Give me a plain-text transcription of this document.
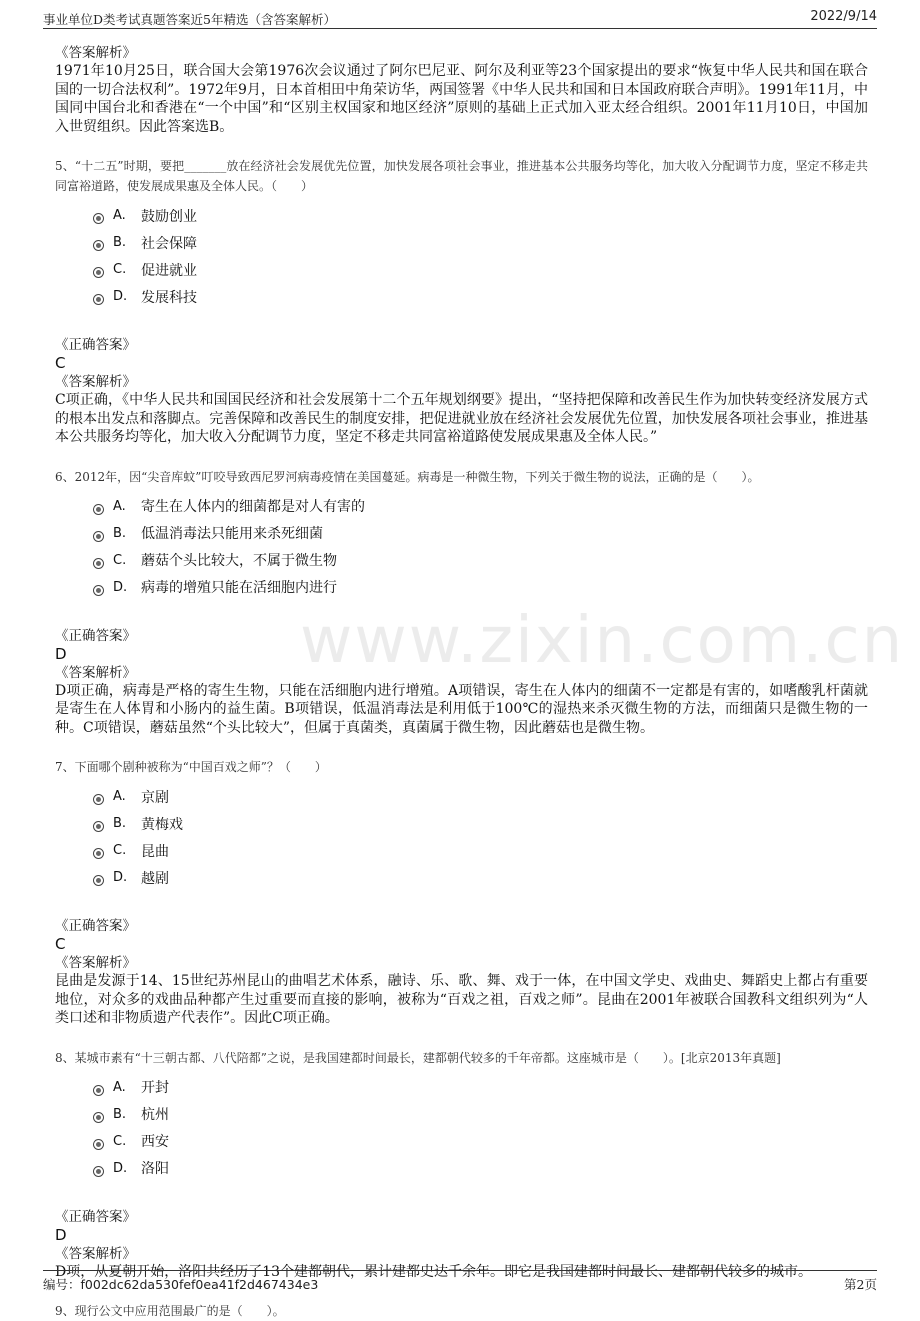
事业单位D类考试真题答案近5年精选（含答案解析）	2022/9/14
www.zixin.com.cn

《答案解析》

1971年10月25日，联合国大会第1976次会议通过了阿尔巴尼亚、阿尔及利亚等23个国家提出的要求“恢复中华人民共和国在联合国的一切合法权利”。1972年9月，日本首相田中角荣访华，两国签署《中华人民共和国和日本国政府联合声明》。1991年11月，中国同中国台北和香港在“一个中国”和“区别主权国家和地区经济”原则的基础上正式加入亚太经合组织。2001年11月10日，中国加入世贸组织。因此答案选B。

5、“十二五”时期，要把_______放在经济社会发展优先位置，加快发展各项社会事业，推进基本公共服务均等化，加大收入分配调节力度，坚定不移走共同富裕道路，使发展成果惠及全体人民。（　　）

A.	鼓励创业
B.	社会保障
C.	促进就业
D. 发展科技

《正确答案》

C

《答案解析》

C项正确，《中华人民共和国国民经济和社会发展第十二个五年规划纲要》提出，“坚持把保障和改善民生作为加快转变经济发展方式的根本出发点和落脚点。完善保障和改善民生的制度安排，把促进就业放在经济社会发展优先位置，加快发展各项社会事业，推进基本公共服务均等化，加大收入分配调节力度，坚定不移走共同富裕道路使发展成果惠及全体人民。”

6、2012年，因“尖音库蚊”叮咬导致西尼罗河病毒疫情在美国蔓延。病毒是一种微生物，下列关于微生物的说法，正确的是（　　）。

A.	寄生在人体内的细菌都是对人有害的
B.	低温消毒法只能用来杀死细菌
C.	蘑菇个头比较大，不属于微生物
D. 病毒的增殖只能在活细胞内进行

《正确答案》

D

《答案解析》

D项正确，病毒是严格的寄生生物，只能在活细胞内进行增殖。A项错误，寄生在人体内的细菌不一定都是有害的，如嗜酸乳杆菌就是寄生在人体胃和小肠内的益生菌。B项错误，低温消毒法是利用低于100℃的湿热来杀灭微生物的方法，而细菌只是微生物的一种。C项错误，蘑菇虽然“个头比较大”，但属于真菌类，真菌属于微生物，因此蘑菇也是微生物。

7、下面哪个剧种被称为“中国百戏之师”？（　　）

A.	京剧
B.	黄梅戏
C.	昆曲
D. 越剧

《正确答案》

C

《答案解析》

昆曲是发源于14、15世纪苏州昆山的曲唱艺术体系，融诗、乐、歌、舞、戏于一体，在中国文学史、戏曲史、舞蹈史上都占有重要地位，对众多的戏曲品种都产生过重要而直接的影响，被称为“百戏之祖，百戏之师”。昆曲在2001年被联合国教科文组织列为“人类口述和非物质遗产代表作”。因此C项正确。

8、某城市素有“十三朝古都、八代陪都”之说，是我国建都时间最长，建都朝代较多的千年帝都。这座城市是（　　）。[北京2013年真题]

A.	开封
B.	杭州
C.	西安
D. 洛阳

《正确答案》

D

《答案解析》

D项，从夏朝开始，洛阳共经历了13个建都朝代，累计建都史达千余年。即它是我国建都时间最长、建都朝代较多的城市。

9、现行公文中应用范围最广的是（　　）。

编号：f002dc62da530fef0ea41f2d467434e3	第2页
